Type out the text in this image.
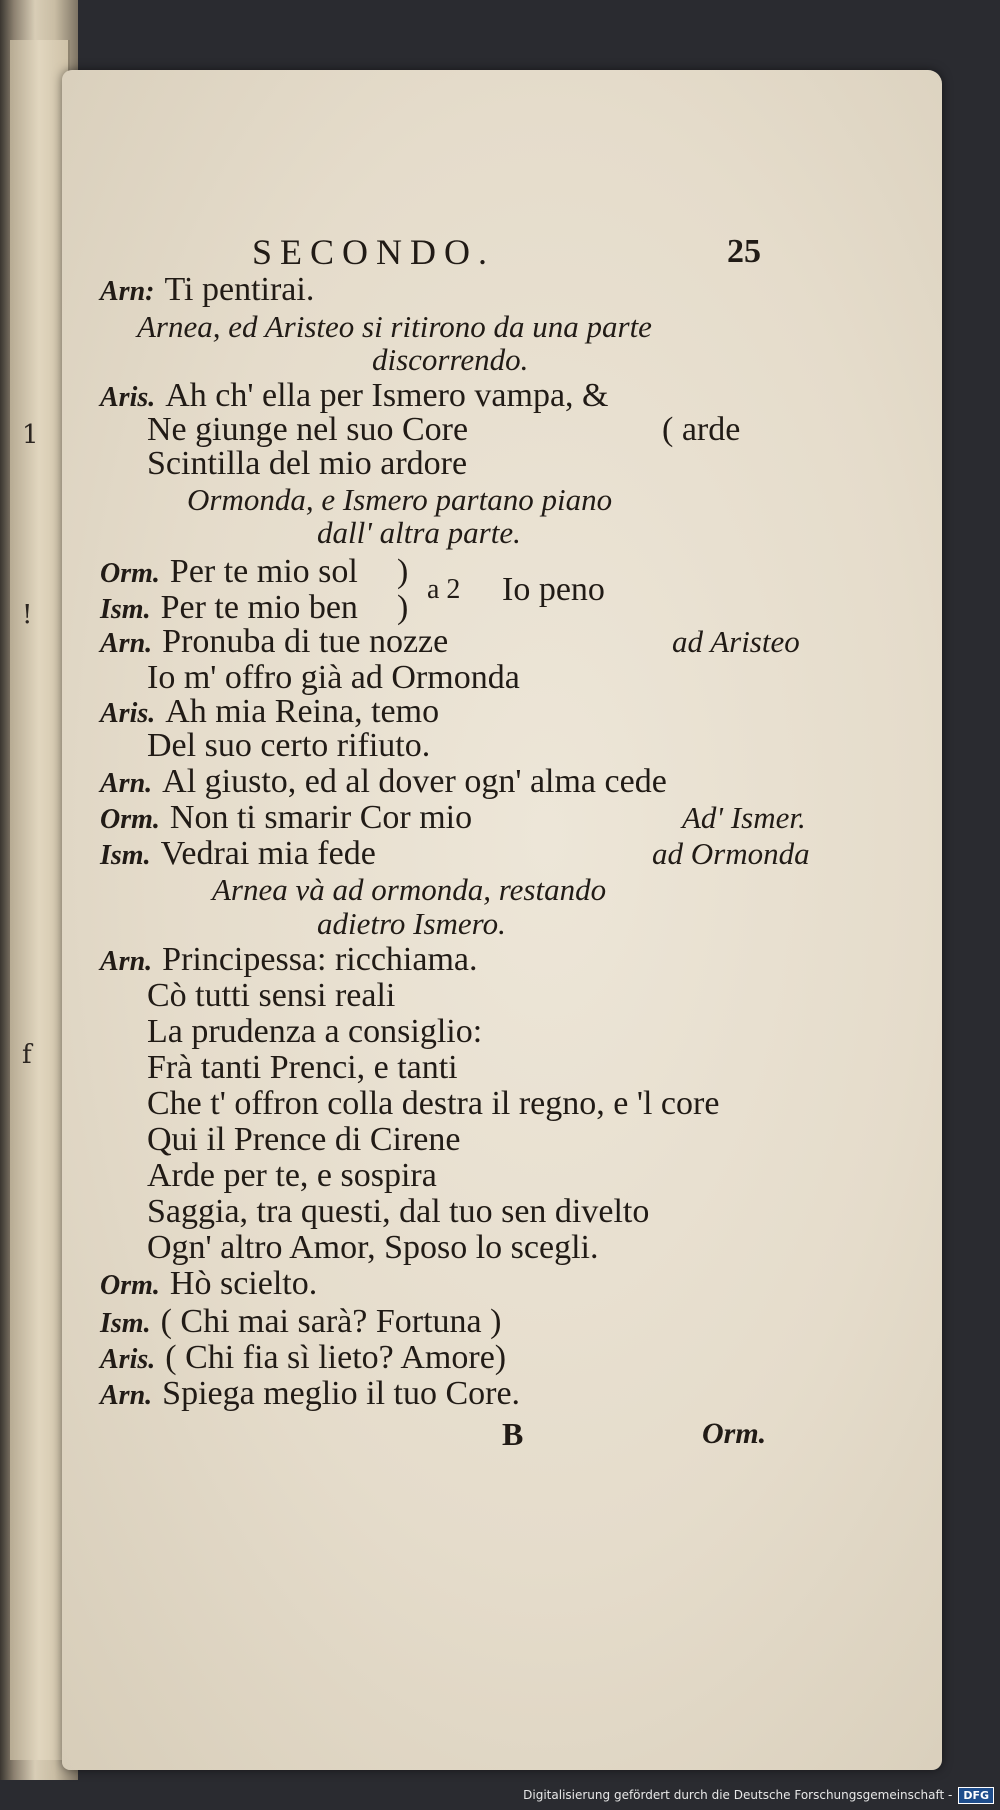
1
!
f
SECONDO.	25
Arn: Ti pentirai.
Arnea, ed Aristeo si ritirono da una parte
discorrendo.
Aris. Ah ch' ella per Ismero vampa, &
Ne giunge nel suo Core	( arde
Scintilla del mio ardore
Ormonda, e Ismero partano piano
dall' altra parte.
Orm. Per te mio sol )
Ism. Per te mio ben ) a 2 Io peno
Arn. Pronuba di tue nozze	ad Aristeo
Io m' offro già ad Ormonda
Aris. Ah mia Reina, temo
Del suo certo rifiuto.
Arn. Al giusto, ed al dover ogn' alma cede
Orm. Non ti smarir Cor mio	Ad' Ismer.
Ism. Vedrai mia fede	ad Ormonda
Arnea và ad ormonda, restando
adietro Ismero.
Arn. Principessa: ricchiama.
Cò tutti sensi reali
La prudenza a consiglio:
Frà tanti Prenci, e tanti
Che t' offron colla destra il regno, e 'l core
Qui il Prence di Cirene
Arde per te, e sospira
Saggia, tra questi, dal tuo sen divelto
Ogn' altro Amor, Sposo lo scegli.
Orm. Hò scielto.
Ism. ( Chi mai sarà? Fortuna )
Aris. ( Chi fia sì lieto? Amore)
Arn. Spiega meglio il tuo Core.
B	Orm.
Digitalisierung gefördert durch die Deutsche Forschungsgemeinschaft -	DFG
